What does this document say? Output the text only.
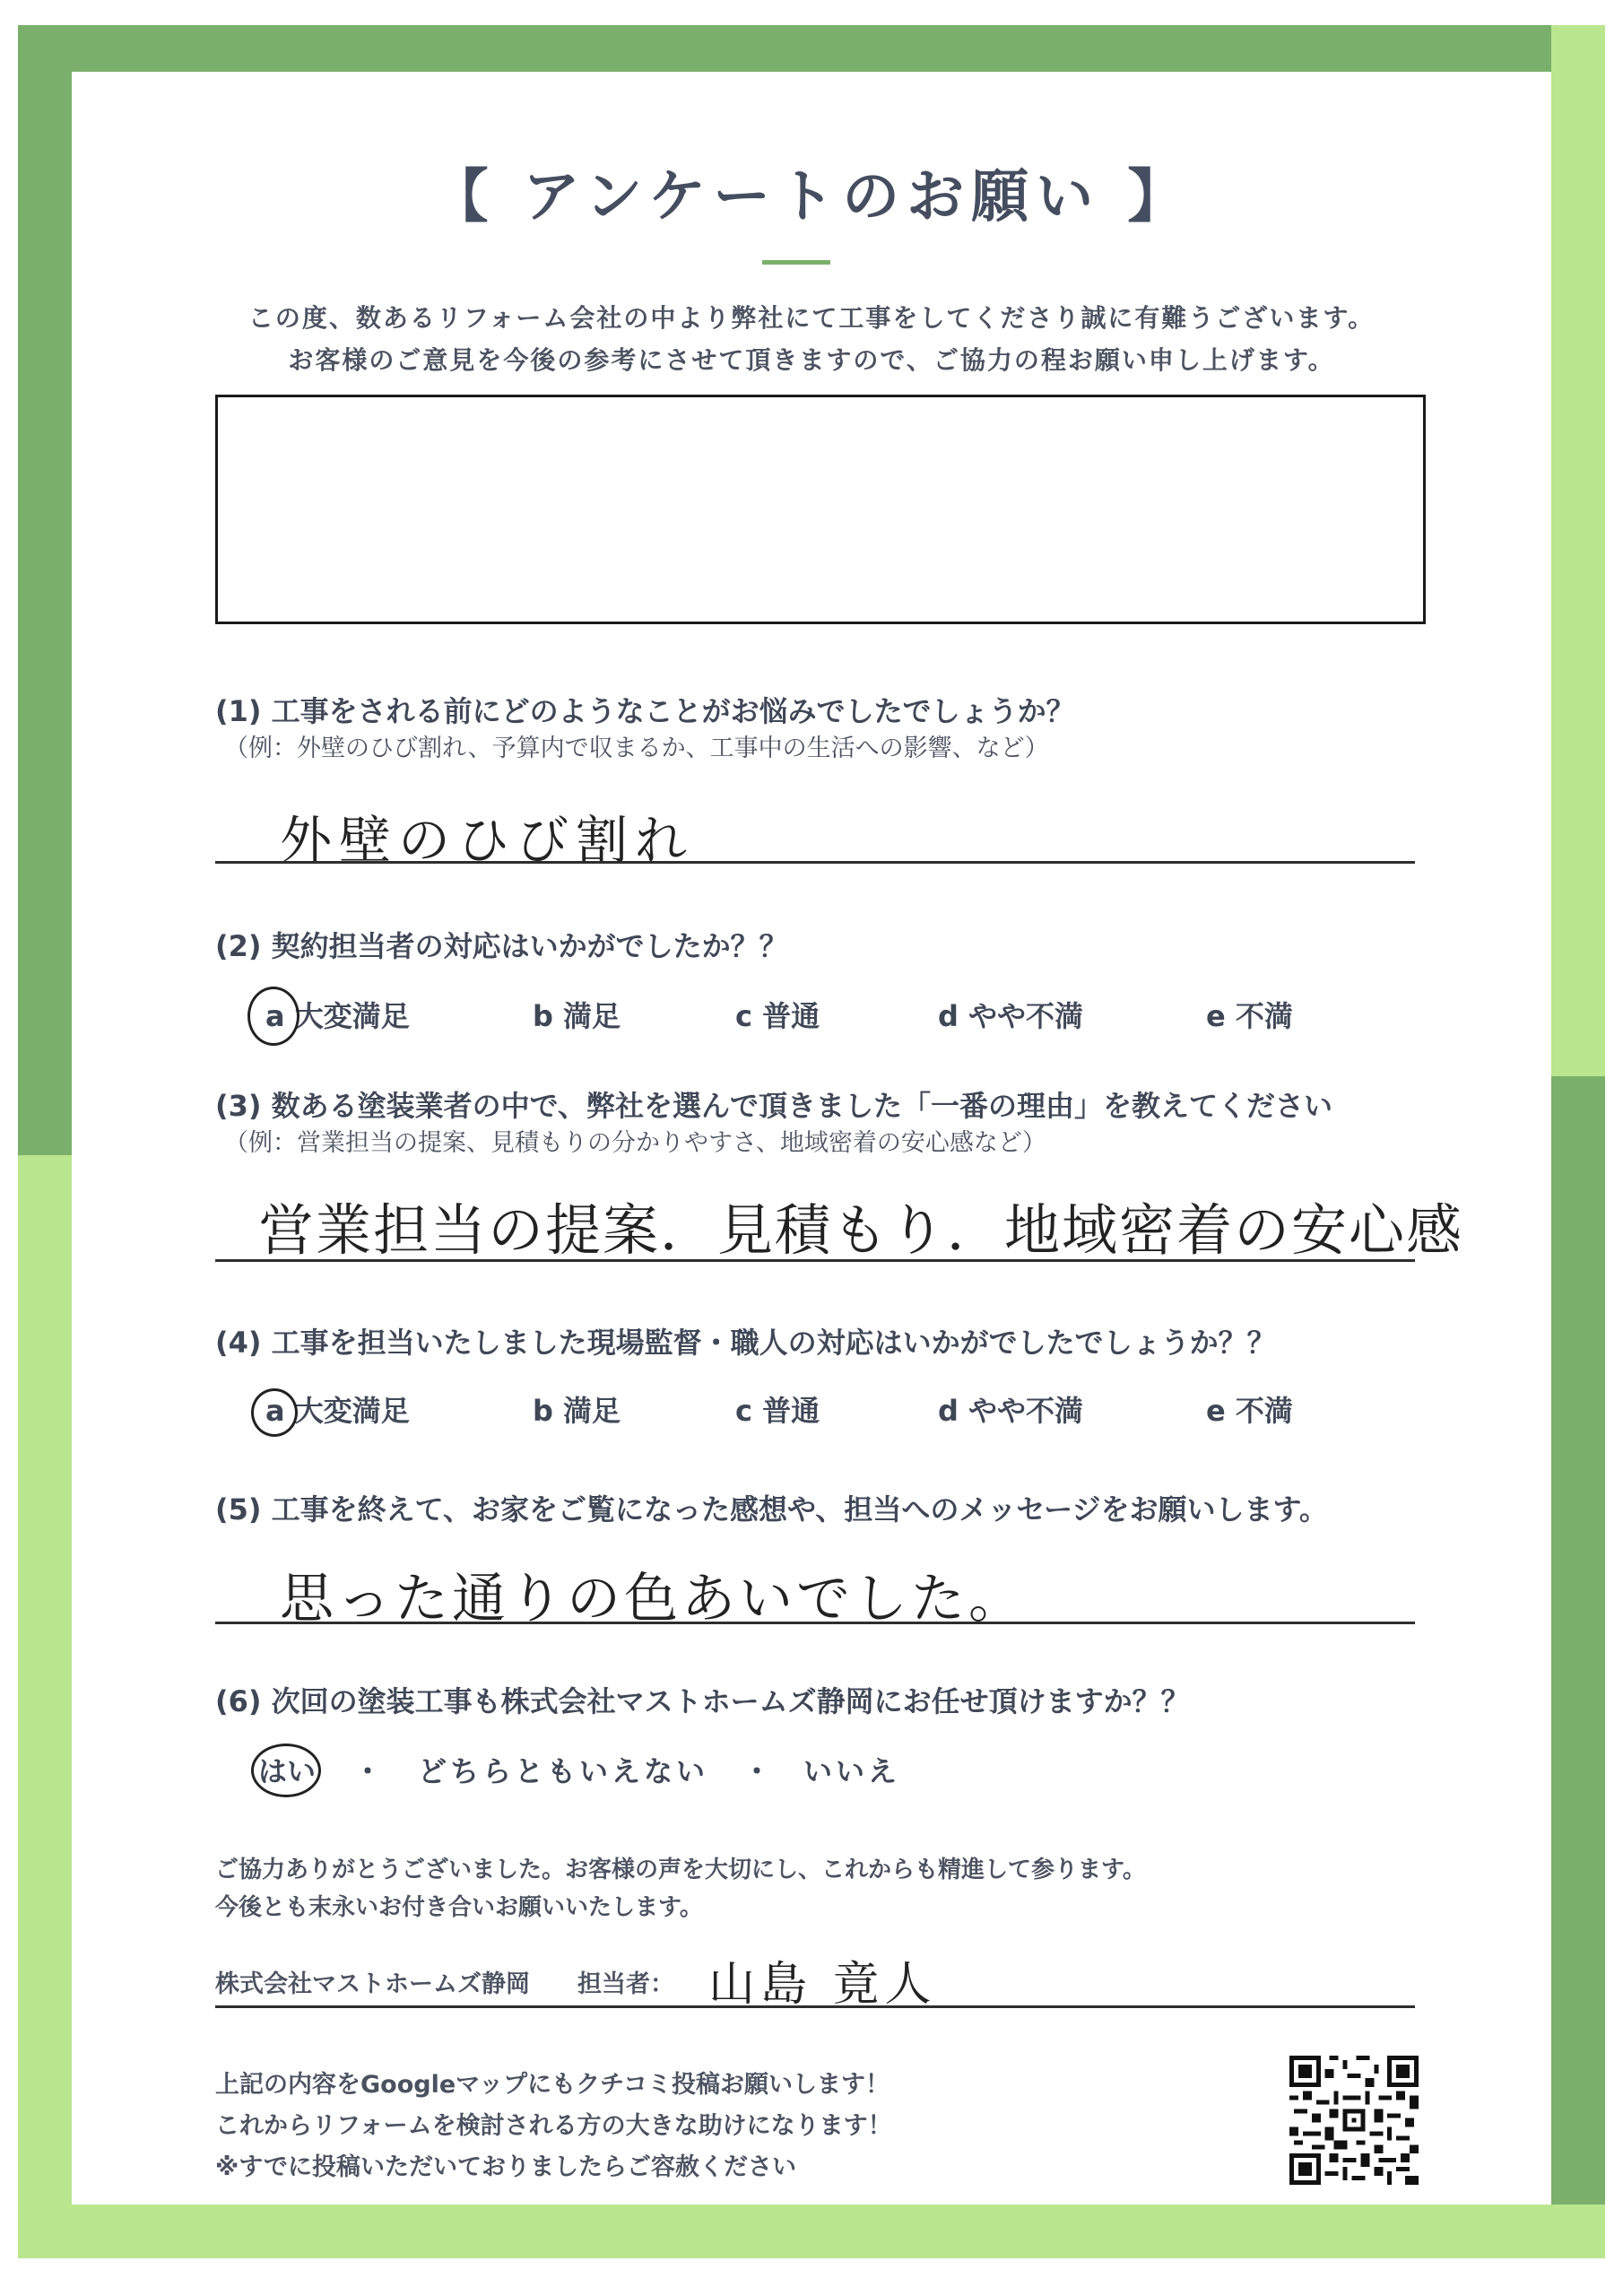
【 アンケートのお願い 】
この度、数あるリフォーム会社の中より弊社にて工事をしてくださり誠に有難うございます。
お客様のご意見を今後の参考にさせて頂きますので、ご協力の程お願い申し上げます。
(1) 工事をされる前にどのようなことがお悩みでしたでしょうか？
（例：外壁のひび割れ、予算内で収まるか、工事中の生活への影響、など）
外壁のひび割れ
(2) 契約担当者の対応はいかがでしたか？？
a 大変満足	b 満足	c 普通	d やや不満	e 不満
(3) 数ある塗装業者の中で、弊社を選んで頂きました「一番の理由」を教えてください
（例：営業担当の提案、見積もりの分かりやすさ、地域密着の安心感など）
営業担当の提案．見積もり．地域密着の安心感
(4) 工事を担当いたしました現場監督・職人の対応はいかがでしたでしょうか？？
a 大変満足	b 満足	c 普通	d やや不満	e 不満
(5) 工事を終えて、お家をご覧になった感想や、担当へのメッセージをお願いします。
思った通りの色あいでした。
(6) 次回の塗装工事も株式会社マストホームズ静岡にお任せ頂けますか？？
はい ・ どちらともいえない ・ いいえ
ご協力ありがとうございました。お客様の声を大切にし、これからも精進して参ります。
今後とも末永いお付き合いお願いいたします。
株式会社マストホームズ静岡 担当者： 山島 竟人
上記の内容をGoogleマップにもクチコミ投稿お願いします！
これからリフォームを検討される方の大きな助けになります！
※すでに投稿いただいておりましたらご容赦ください
